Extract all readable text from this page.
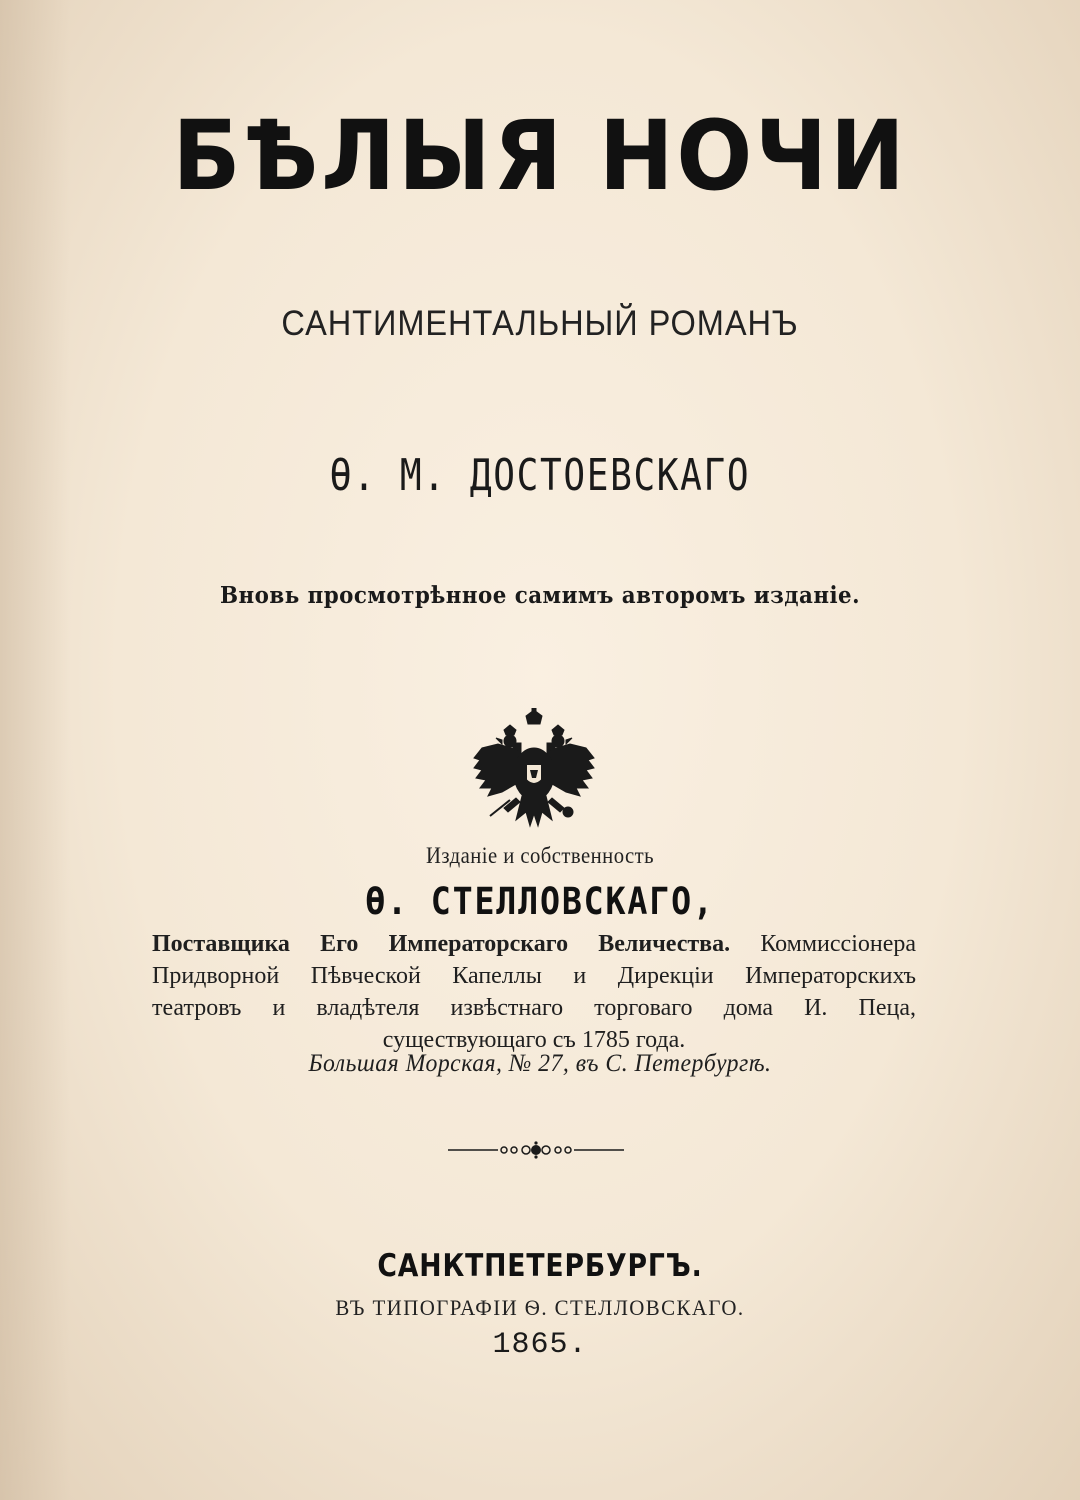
БѢЛЫЯ НОЧИ
САНТИМЕНТАЛЬНЫЙ РОМАНЪ
Ѳ. М. ДОСТОЕВСКАГО
Вновь просмотрѣнное самимъ авторомъ изданіе.
Изданіе и собственность
Ѳ. СТЕЛЛОВСКАГО,
Поставщика Его Императорскаго Величества. Коммиссіонера
Придворной Пѣвческой Капеллы и Дирекціи Императорскихъ
театровъ и владѣтеля извѣстнаго торговаго дома И. Пеца,
существующаго съ 1785 года.
Большая Морская, № 27, въ С. Петербургѣ.
САНКТПЕТЕРБУРГЪ.
ВЪ ТИПОГРАФІИ Ѳ. СТЕЛЛОВСКАГО.
1865.
